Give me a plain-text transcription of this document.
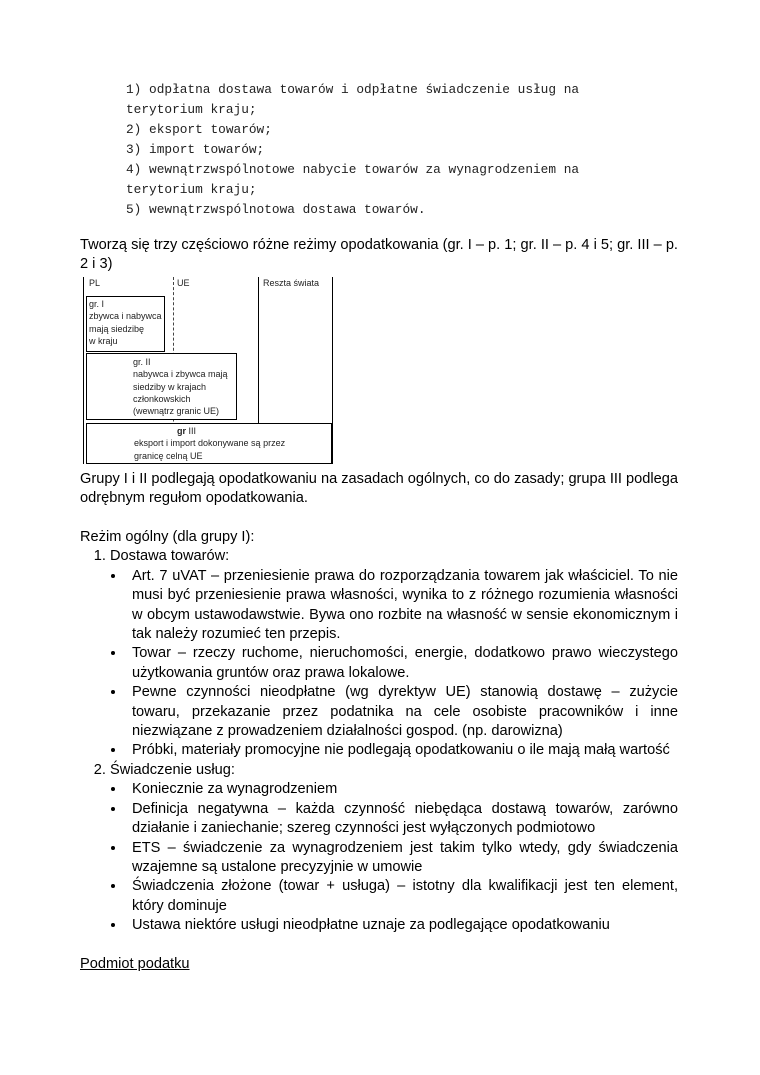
1) odpłatna dostawa towarów i odpłatne świadczenie usług na
terytorium kraju;
2) eksport towarów;
3) import towarów;
4) wewnątrzwspólnotowe nabycie towarów za wynagrodzeniem na
terytorium kraju;
5) wewnątrzwspólnotowa dostawa towarów.
Tworzą się trzy częściowo różne reżimy opodatkowania (gr. I – p. 1; gr. II – p. 4 i 5; gr. III – p. 2 i 3)
PL	UE	Reszta świata
gr. I
zbywca i nabywca
mają siedzibę
w kraju
gr. II
nabywca i zbywca mają
siedziby w krajach
członkowskich
(wewnątrz granic UE)
gr III
eksport i import dokonywane są przez
granicę celną UE
Grupy I i II podlegają opodatkowaniu na zasadach ogólnych, co do zasady; grupa III podlega odrębnym regułom opodatkowania.
Reżim ogólny (dla grupy I):
1. Dostawa towarów:
• Art. 7 uVAT – przeniesienie prawa do rozporządzania towarem jak właściciel. To nie musi być przeniesienie prawa własności, wynika to z różnego rozumienia własności w obcym ustawodawstwie. Bywa ono rozbite na własność w sensie ekonomicznym i tak należy rozumieć ten przepis.
• Towar – rzeczy ruchome, nieruchomości, energie, dodatkowo prawo wieczystego użytkowania gruntów oraz prawa lokalowe.
• Pewne czynności nieodpłatne (wg dyrektyw UE) stanowią dostawę – zużycie towaru, przekazanie przez podatnika na cele osobiste pracowników i inne niezwiązane z prowadzeniem działalności gospod. (np. darowizna)
• Próbki, materiały promocyjne nie podlegają opodatkowaniu o ile mają małą wartość
2. Świadczenie usług:
• Koniecznie za wynagrodzeniem
• Definicja negatywna – każda czynność niebędąca dostawą towarów, zarówno działanie i zaniechanie; szereg czynności jest wyłączonych podmiotowo
• ETS – świadczenie za wynagrodzeniem jest takim tylko wtedy, gdy świadczenia wzajemne są ustalone precyzyjnie w umowie
• Świadczenia złożone (towar + usługa) – istotny dla kwalifikacji jest ten element, który dominuje
• Ustawa niektóre usługi nieodpłatne uznaje za podlegające opodatkowaniu
Podmiot podatku
